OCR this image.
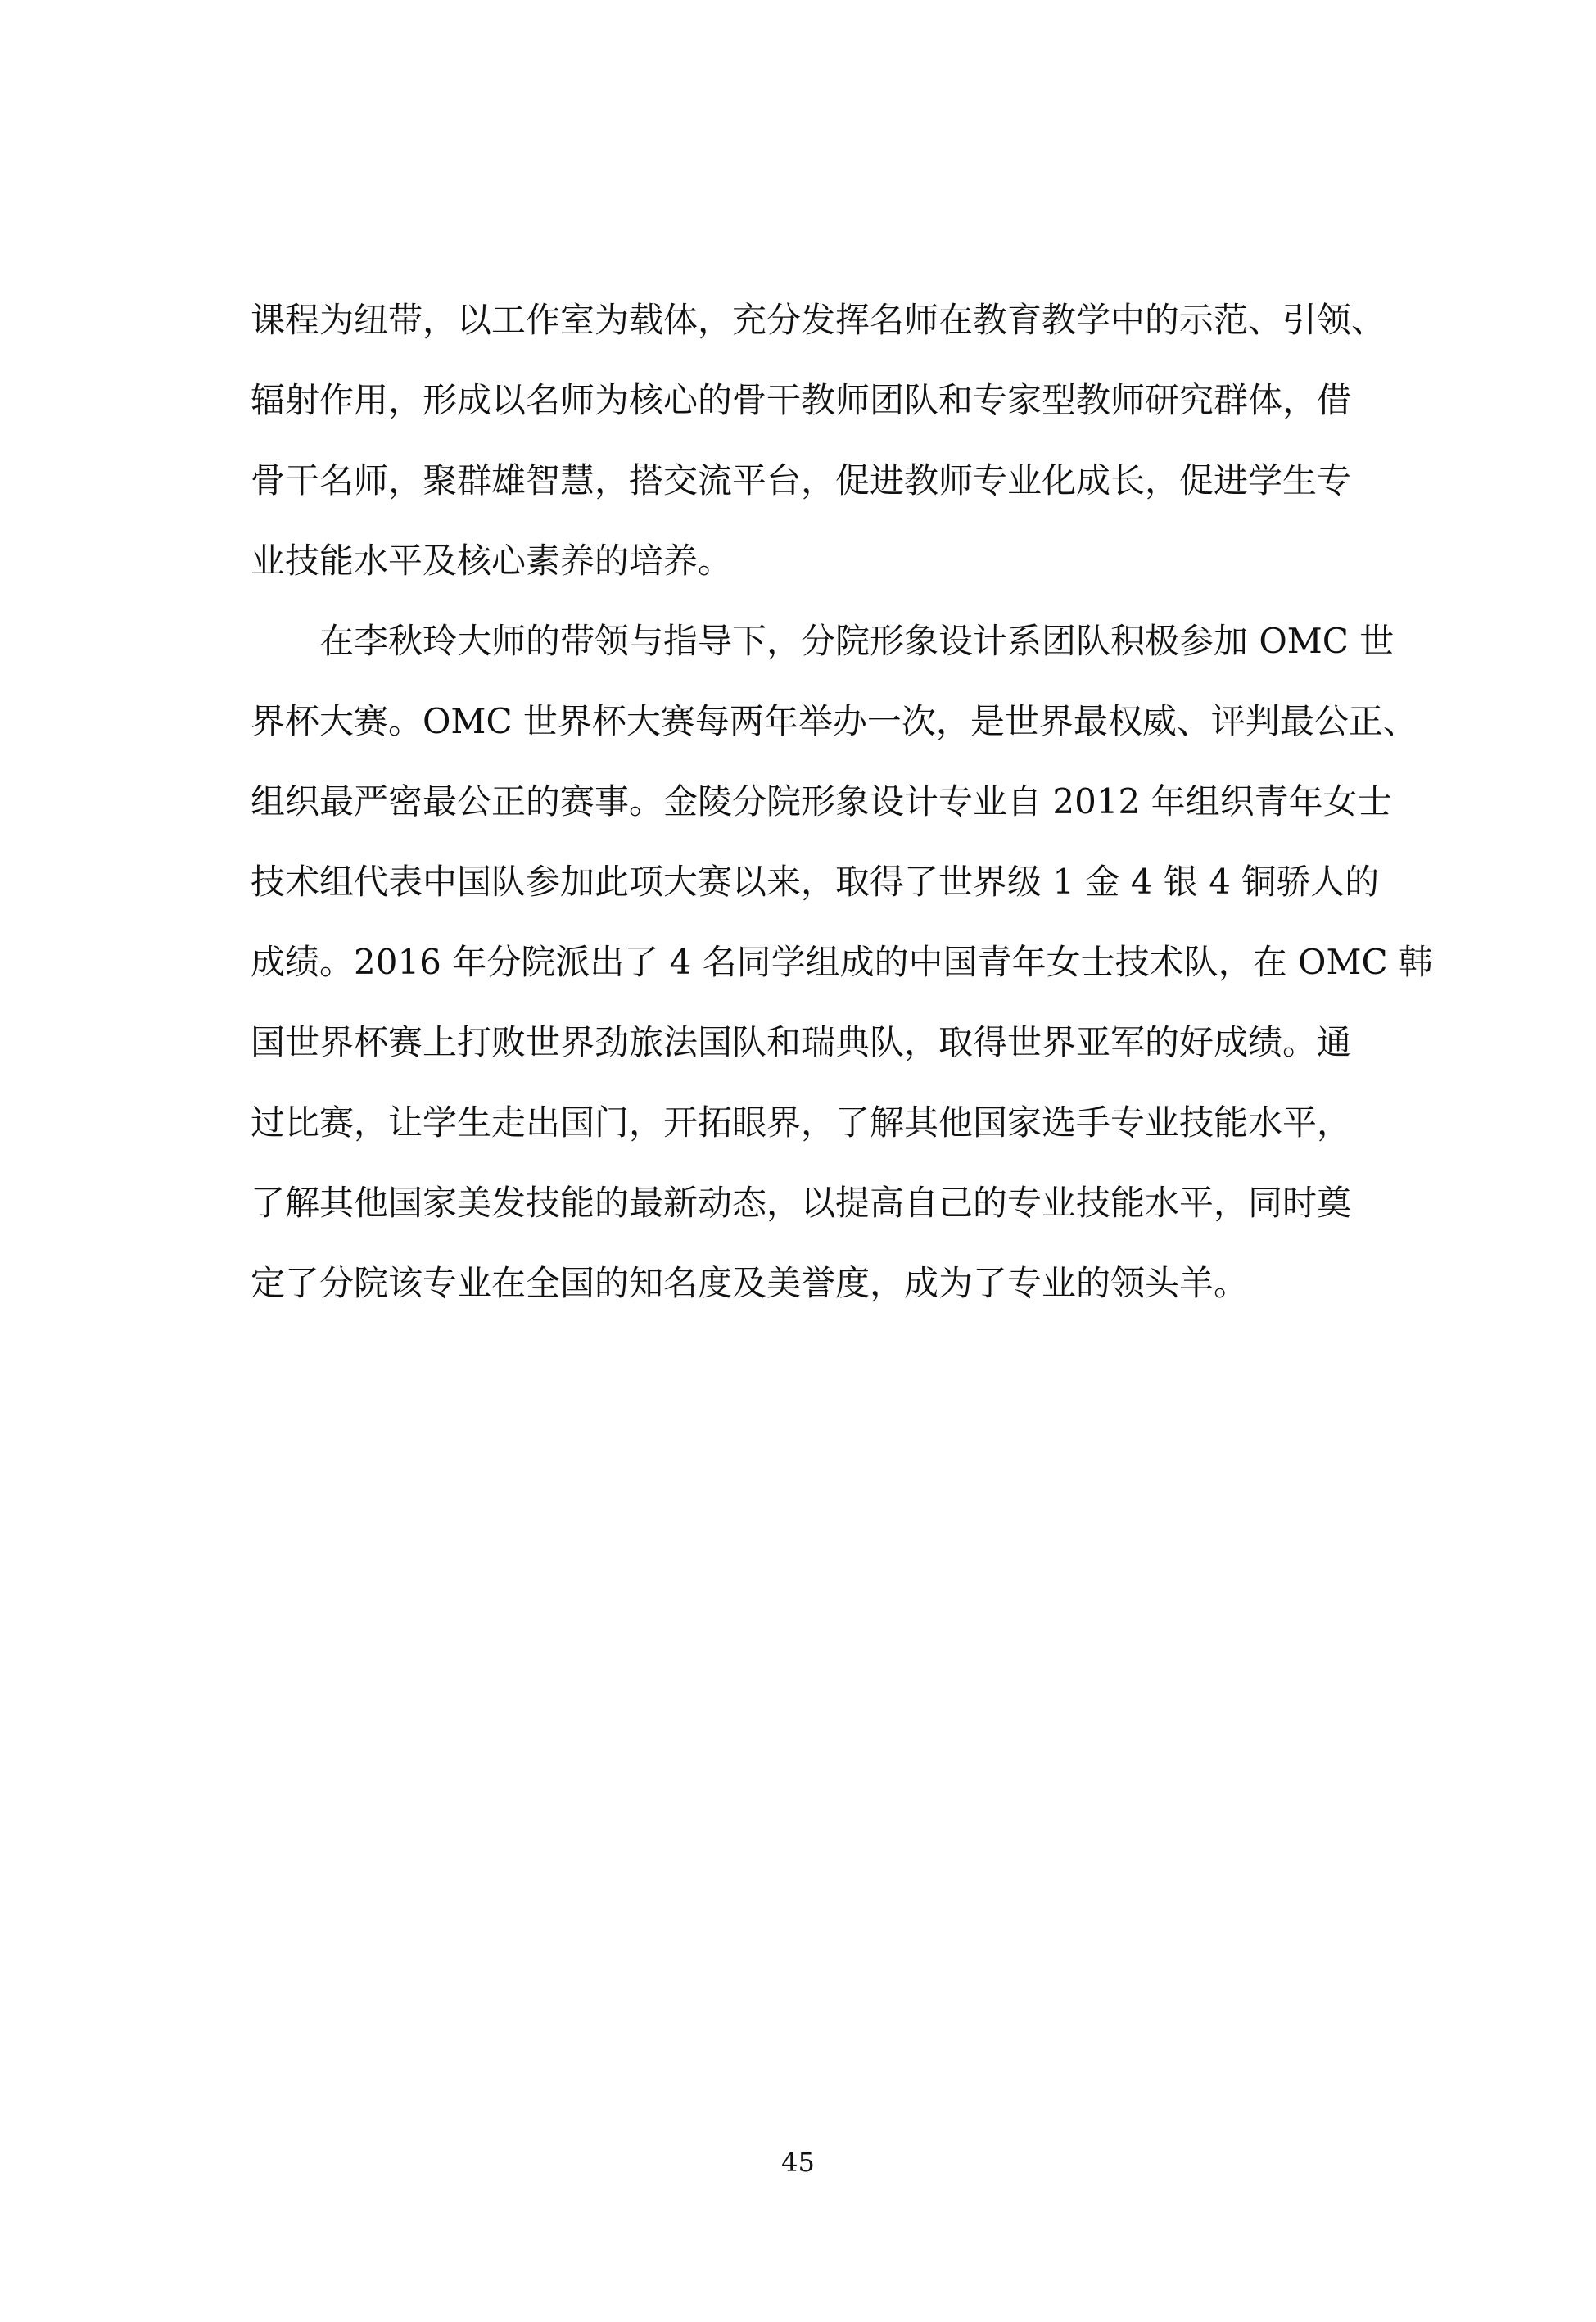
课程为纽带，以工作室为载体，充分发挥名师在教育教学中的示范、引领、
辐射作用，形成以名师为核心的骨干教师团队和专家型教师研究群体，借
骨干名师，聚群雄智慧，搭交流平台，促进教师专业化成长，促进学生专
业技能水平及核心素养的培养。
在李秋玲大师的带领与指导下，分院形象设计系团队积极参加 OMC 世
界杯大赛。OMC 世界杯大赛每两年举办一次，是世界最权威、评判最公正、
组织最严密最公正的赛事。金陵分院形象设计专业自 2012 年组织青年女士
技术组代表中国队参加此项大赛以来，取得了世界级 1 金 4 银 4 铜骄人的
成绩。2016 年分院派出了 4 名同学组成的中国青年女士技术队，在 OMC 韩
国世界杯赛上打败世界劲旅法国队和瑞典队，取得世界亚军的好成绩。通
过比赛，让学生走出国门，开拓眼界，了解其他国家选手专业技能水平，
了解其他国家美发技能的最新动态，以提高自己的专业技能水平，同时奠
定了分院该专业在全国的知名度及美誉度，成为了专业的领头羊。
45
